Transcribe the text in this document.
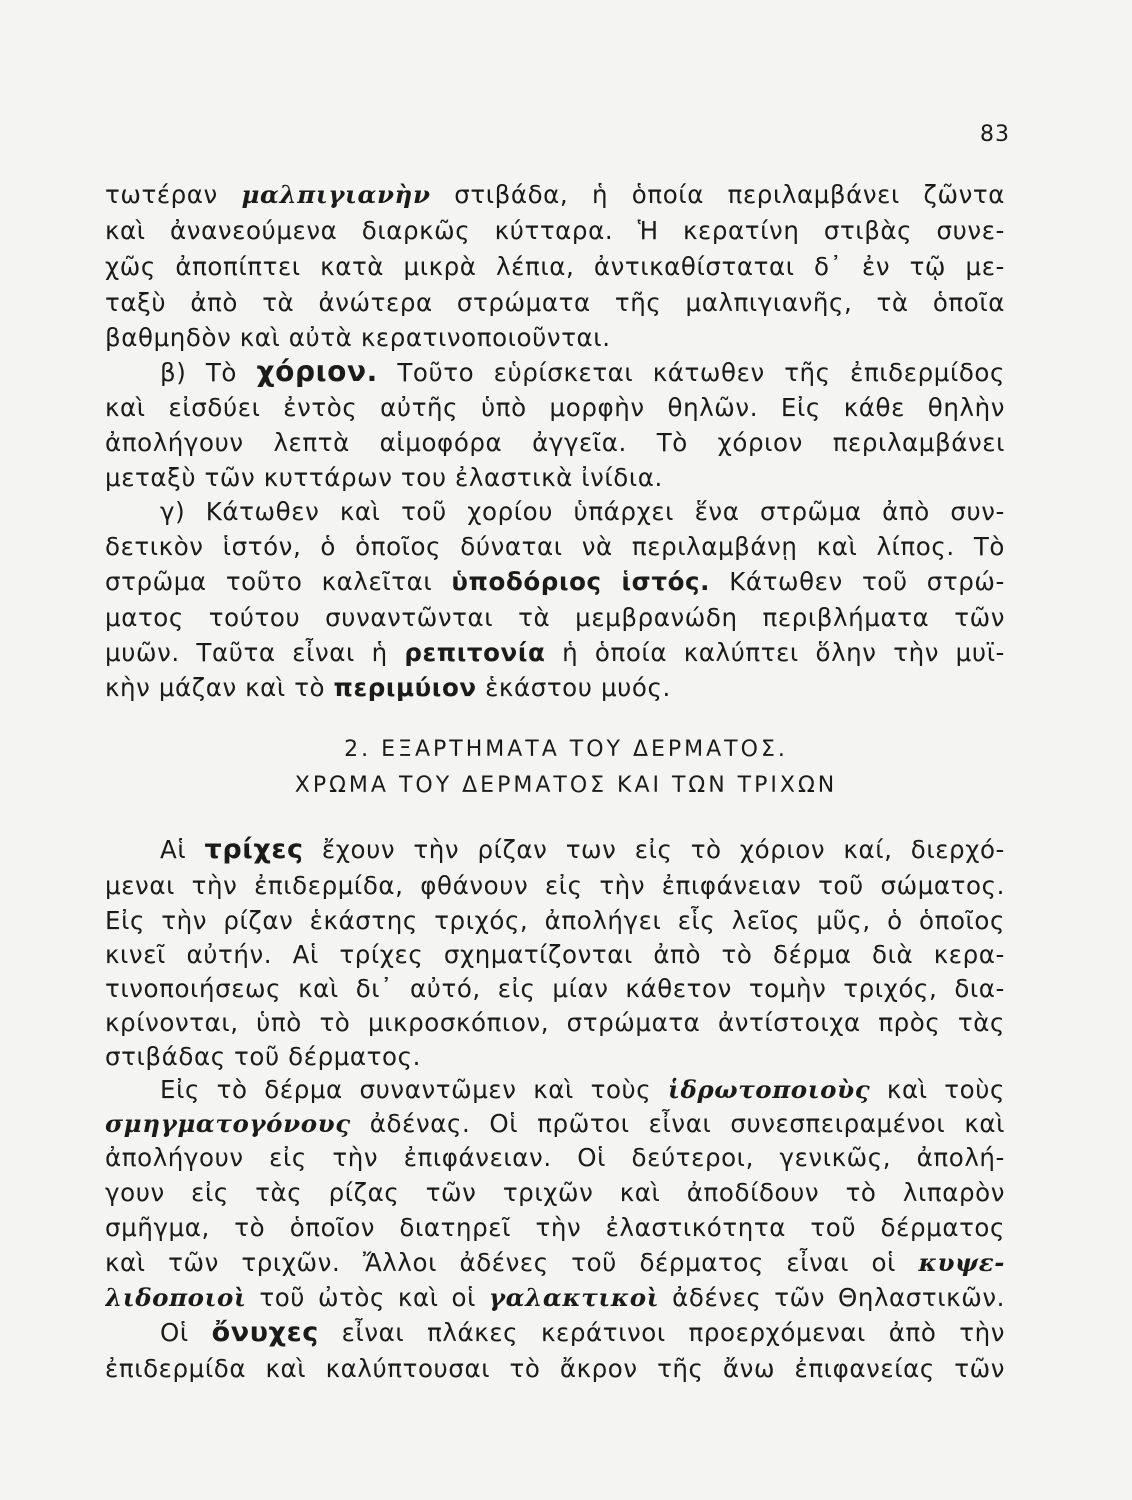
83
τωτέραν μαλπιγιανὴν στιβάδα, ἡ ὁποία περιλαμβάνει ζῶντα
καὶ ἀνανεούμενα διαρκῶς κύτταρα. Ἡ κερατίνη στιβὰς συνε-
χῶς ἀποπίπτει κατὰ μικρὰ λέπια, ἀντικαθίσταται δ᾽ ἐν τῷ με-
ταξὺ ἀπὸ τὰ ἀνώτερα στρώματα τῆς μαλπιγιανῆς, τὰ ὁποῖα
βαθμηδὸν καὶ αὐτὰ κερατινοποιοῦνται.
β) Τὸ χόριον. Τοῦτο εὑρίσκεται κάτωθεν τῆς ἐπιδερμίδος
καὶ εἰσδύει ἐντὸς αὐτῆς ὑπὸ μορφὴν θηλῶν. Εἰς κάθε θηλὴν
ἀπολήγουν λεπτὰ αἱμοφόρα ἀγγεῖα. Τὸ χόριον περιλαμβάνει
μεταξὺ τῶν κυττάρων του ἐλαστικὰ ἰνίδια.
γ) Κάτωθεν καὶ τοῦ χορίου ὑπάρχει ἕνα στρῶμα ἀπὸ συν-
δετικὸν ἱστόν, ὁ ὁποῖος δύναται νὰ περιλαμβάνῃ καὶ λίπος. Τὸ
στρῶμα τοῦτο καλεῖται ὑποδόριος ἱστός. Κάτωθεν τοῦ στρώ-
ματος τούτου συναντῶνται τὰ μεμβρανώδη περιβλήματα τῶν
μυῶν. Ταῦτα εἶναι ἡ ρεπιτονία ἡ ὁποία καλύπτει ὅλην τὴν μυϊ-
κὴν μάζαν καὶ τὸ περιμύιον ἑκάστου μυός.
2. ΕΞΑΡΤΗΜΑΤΑ ΤΟΥ ΔΕΡΜΑΤΟΣ.
ΧΡΩΜΑ ΤΟΥ ΔΕΡΜΑΤΟΣ ΚΑΙ ΤΩΝ ΤΡΙΧΩΝ
Αἱ τρίχες ἔχουν τὴν ρίζαν των εἰς τὸ χόριον καί, διερχό-
μεναι τὴν ἐπιδερμίδα, φθάνουν εἰς τὴν ἐπιφάνειαν τοῦ σώματος.
Εἰς τὴν ρίζαν ἑκάστης τριχός, ἀπολήγει εἷς λεῖος μῦς, ὁ ὁποῖος
κινεῖ αὐτήν. Αἱ τρίχες σχηματίζονται ἀπὸ τὸ δέρμα διὰ κερα-
τινοποιήσεως καὶ δι᾽ αὐτό, εἰς μίαν κάθετον τομὴν τριχός, δια-
κρίνονται, ὑπὸ τὸ μικροσκόπιον, στρώματα ἀντίστοιχα πρὸς τὰς
στιβάδας τοῦ δέρματος.
Εἰς τὸ δέρμα συναντῶμεν καὶ τοὺς ἱδρωτοποιοὺς καὶ τοὺς
σμηγματογόνους ἀδένας. Οἱ πρῶτοι εἶναι συνεσπειραμένοι καὶ
ἀπολήγουν εἰς τὴν ἐπιφάνειαν. Οἱ δεύτεροι, γενικῶς, ἀπολή-
γουν εἰς τὰς ρίζας τῶν τριχῶν καὶ ἀποδίδουν τὸ λιπαρὸν
σμῆγμα, τὸ ὁποῖον διατηρεῖ τὴν ἐλαστικότητα τοῦ δέρματος
καὶ τῶν τριχῶν. Ἄλλοι ἀδένες τοῦ δέρματος εἶναι οἱ κυψε-
λιδοποιοὶ τοῦ ὠτὸς καὶ οἱ γαλακτικοὶ ἀδένες τῶν Θηλαστικῶν.
Οἱ ὄνυχες εἶναι πλάκες κεράτινοι προερχόμεναι ἀπὸ τὴν
ἐπιδερμίδα καὶ καλύπτουσαι τὸ ἄκρον τῆς ἄνω ἐπιφανείας τῶν
